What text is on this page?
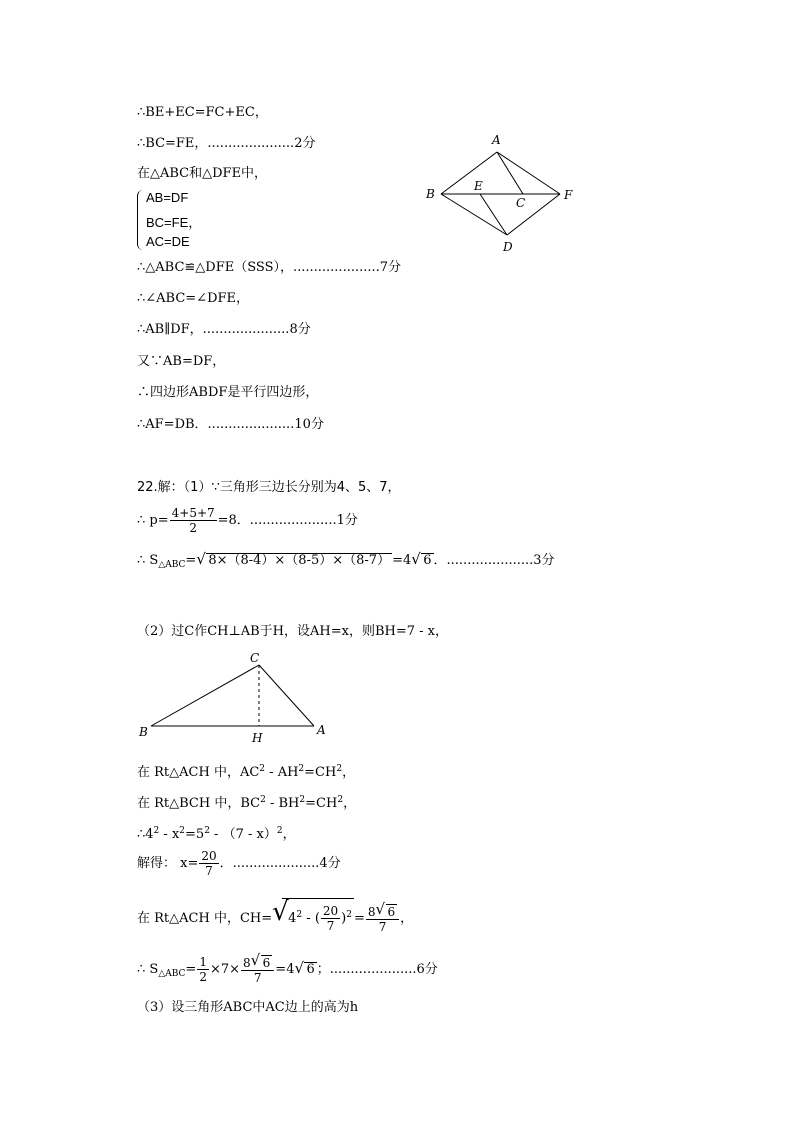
∴BE+EC=FC+EC，
∴BC=FE，.....................2分
在△ABC和△DFE中，
AB=DF
BC=FE，
AC=DE
∴△ABC≌△DFE（SSS），.....................7分
∴∠ABC=∠DFE，
∴AB∥DF，.....................8分
又∵AB=DF，
∴四边形ABDF是平行四边形，
∴AF=DB．.....................10分
A
B
E
C
F
D
22.解：（1）∵三角形三边长分别为4、5、7，
∴ $p= \frac{4+5+7}{2} =8$．.....................1分
∴ $S_{\triangle ABC}=$ √ 8×（8-4）×（8-5）×（8-7） =4 √ 6 ．.....................3分
（2）过C作CH⊥AB于H，设AH=x，则BH=7 - x，
C
B	H
A
在 Rt△ACH 中，$AC^2 - AH^2=CH^2$，
在 Rt△BCH 中，$BC^2 - BH^2=CH^2$，
$\therefore 4^2 - x^2=5^2 - (7 - x)^2$，
解得： $x= \frac{20}{7}$ ．.....................4分
在 Rt△ACH 中，CH= √ $4^2$ - ( $\frac{20}{7} )^2 = \frac{8 √ 6}{7}$ ，
∴ $S_{\triangle ABC}= \frac{1}{2} \times 7\times \frac{8 √ 6}{7} =4$ √ 6 ；.....................6分
（3）设三角形ABC中AC边上的高为h
